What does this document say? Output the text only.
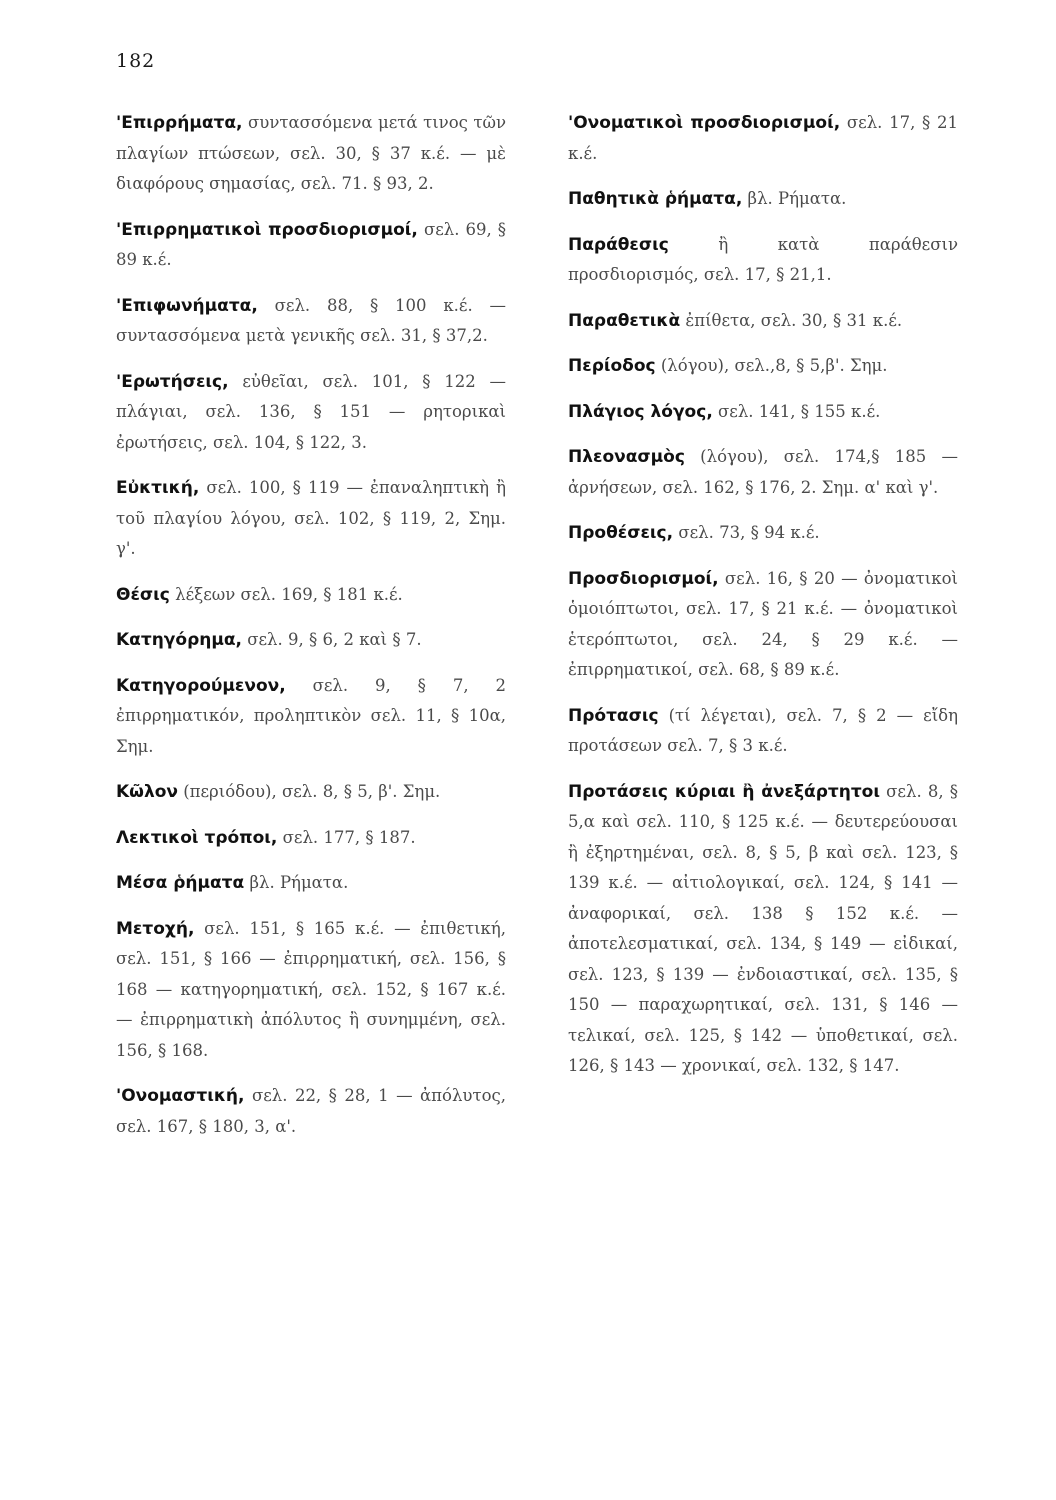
182

'Επιρρήματα, συντασσόμενα μετά τινος τῶν πλαγίων πτώσεων, σελ. 30, § 37 κ.έ. — μὲ διαφόρους σημασίας, σελ. 71. § 93, 2.

'Επιρρηματικοὶ προσδιορισμοί, σελ. 69, § 89 κ.έ.

'Επιφωνήματα, σελ. 88, § 100 κ.έ. — συντασσόμενα μετὰ γενικῆς σελ. 31, § 37,2.

'Ερωτήσεις, εὐθεῖαι, σελ. 101, § 122 — πλάγιαι, σελ. 136, § 151 — ρητορικαὶ ἐρωτήσεις, σελ. 104, § 122, 3.

Εὐκτική, σελ. 100, § 119 — ἐπαναληπτικὴ ἢ τοῦ πλαγίου λόγου, σελ. 102, § 119, 2, Σημ. γ'.

Θέσις λέξεων σελ. 169, § 181 κ.έ.

Κατηγόρημα, σελ. 9, § 6, 2 καὶ § 7.

Κατηγορούμενον, σελ. 9, § 7, 2 ἐπιρρηματικόν, προληπτικὸν σελ. 11, § 10α, Σημ.

Κῶλον (περιόδου), σελ. 8, § 5, β'. Σημ.

Λεκτικοὶ τρόποι, σελ. 177, § 187.

Μέσα ῥήματα βλ. Ρήματα.

Μετοχή, σελ. 151, § 165 κ.έ. — ἐπιθετική, σελ. 151, § 166 — ἐπιρρηματική, σελ. 156, § 168 — κατηγορηματική, σελ. 152, § 167 κ.έ. — ἐπιρρηματικὴ ἀπόλυτος ἢ συνημμένη, σελ. 156, § 168.

'Ονομαστική, σελ. 22, § 28, 1 — ἀπόλυτος, σελ. 167, § 180, 3, α'.

'Ονοματικοὶ προσδιορισμοί, σελ. 17, § 21 κ.έ.

Παθητικὰ ῥήματα, βλ. Ρήματα.

Παράθεσις	ἢ κατὰ παράθεσιν προσδιορισμός, σελ. 17, § 21,1.

Παραθετικὰ ἐπίθετα, σελ. 30, § 31 κ.έ.

Περίοδος (λόγου), σελ.,8, § 5,β'. Σημ.

Πλάγιος λόγος, σελ. 141, § 155 κ.έ.

Πλεονασμὸς (λόγου), σελ. 174,§ 185 — ἀρνήσεων, σελ. 162, § 176, 2. Σημ. α' καὶ γ'.

Προθέσεις, σελ. 73, § 94 κ.έ.

Προσδιορισμοί, σελ. 16, § 20 — ὀνοματικοὶ ὁμοιόπτωτοι, σελ. 17, § 21 κ.έ. — ὀνοματικοὶ ἑτερόπτωτοι, σελ. 24, § 29 κ.έ. — ἐπιρρηματικοί, σελ. 68, § 89 κ.έ.

Πρότασις (τί λέγεται), σελ. 7, § 2 — εἴδη προτάσεων σελ. 7, § 3 κ.έ.

Προτάσεις κύριαι ἢ ἀνεξάρτητοι σελ. 8, § 5,α καὶ σελ. 110, § 125 κ.έ. — δευτερεύουσαι ἢ ἐξηρτημέναι, σελ. 8, § 5, β καὶ σελ. 123, § 139 κ.έ. — αἰτιολογικαί, σελ. 124, § 141 — ἀναφορικαί, σελ. 138 § 152 κ.έ. — ἀποτελεσματικαί, σελ. 134, § 149 — εἰδικαί, σελ. 123, § 139 — ἐνδοιαστικαί, σελ. 135, § 150 — παραχωρητικαί, σελ. 131, § 146 — τελικαί, σελ. 125, § 142 — ὑποθετικαί, σελ. 126, § 143 — χρονικαί, σελ. 132, § 147.
